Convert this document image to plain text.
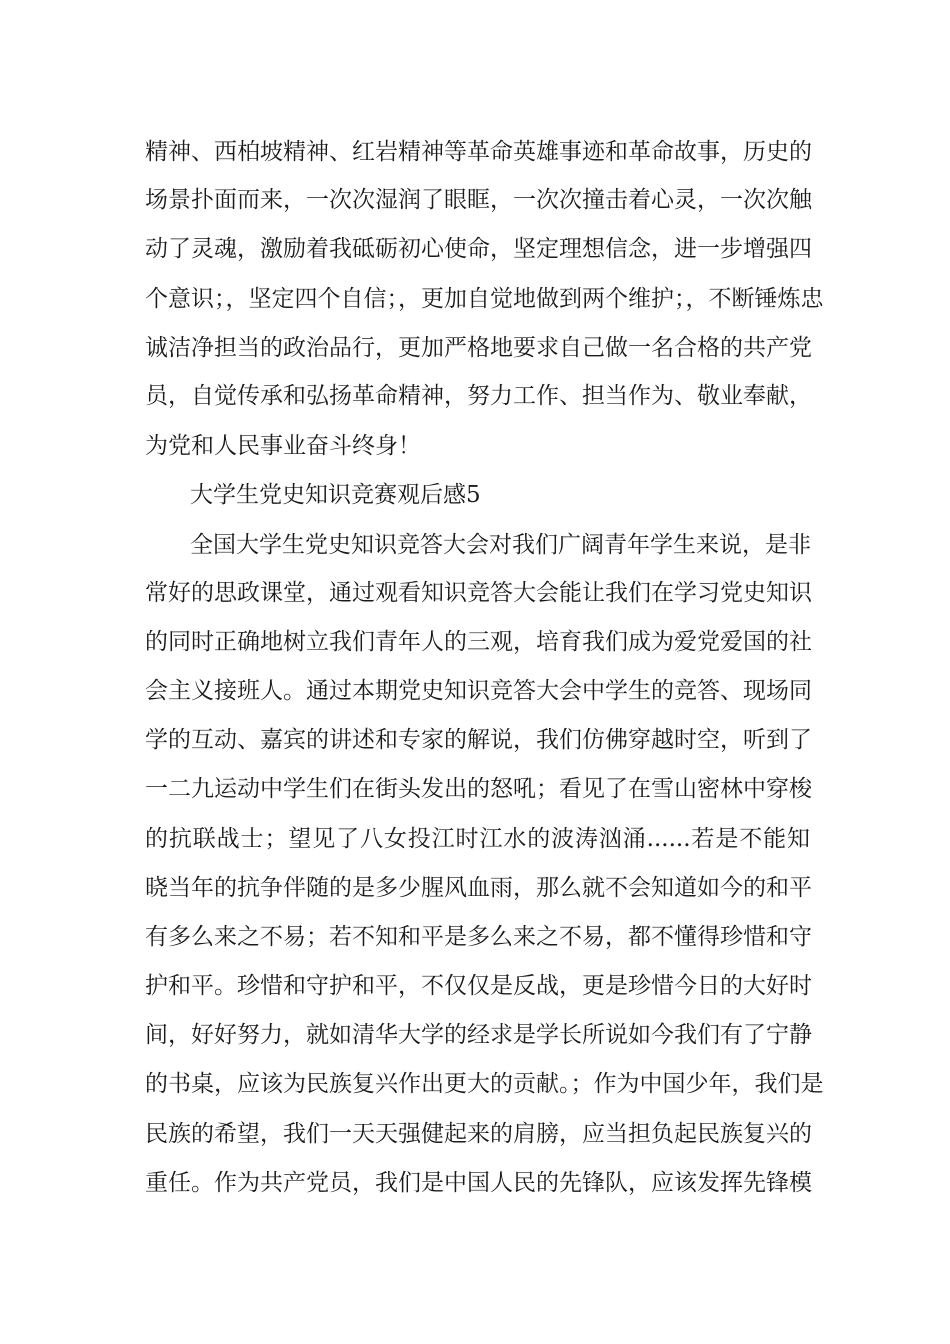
精神、西柏坡精神、红岩精神等革命英雄事迹和革命故事，历史的
场景扑面而来，一次次湿润了眼眶，一次次撞击着心灵，一次次触
动了灵魂，激励着我砥砺初心使命，坚定理想信念，进一步增强四
个意识；，坚定四个自信；，更加自觉地做到两个维护；，不断锤炼忠
诚洁净担当的政治品行，更加严格地要求自己做一名合格的共产党
员，自觉传承和弘扬革命精神，努力工作、担当作为、敬业奉献，
为党和人民事业奋斗终身！
大学生党史知识竞赛观后感5
全国大学生党史知识竞答大会对我们广阔青年学生来说，是非
常好的思政课堂，通过观看知识竞答大会能让我们在学习党史知识
的同时正确地树立我们青年人的三观，培育我们成为爱党爱国的社
会主义接班人。通过本期党史知识竞答大会中学生的竞答、现场同
学的互动、嘉宾的讲述和专家的解说，我们仿佛穿越时空，听到了
一二九运动中学生们在街头发出的怒吼；看见了在雪山密林中穿梭
的抗联战士；望见了八女投江时江水的波涛汹涌......若是不能知
晓当年的抗争伴随的是多少腥风血雨，那么就不会知道如今的和平
有多么来之不易；若不知和平是多么来之不易，都不懂得珍惜和守
护和平。珍惜和守护和平，不仅仅是反战，更是珍惜今日的大好时
间，好好努力，就如清华大学的经求是学长所说如今我们有了宁静
的书桌，应该为民族复兴作出更大的贡献。；作为中国少年，我们是
民族的希望，我们一天天强健起来的肩膀，应当担负起民族复兴的
重任。作为共产党员，我们是中国人民的先锋队，应该发挥先锋模
